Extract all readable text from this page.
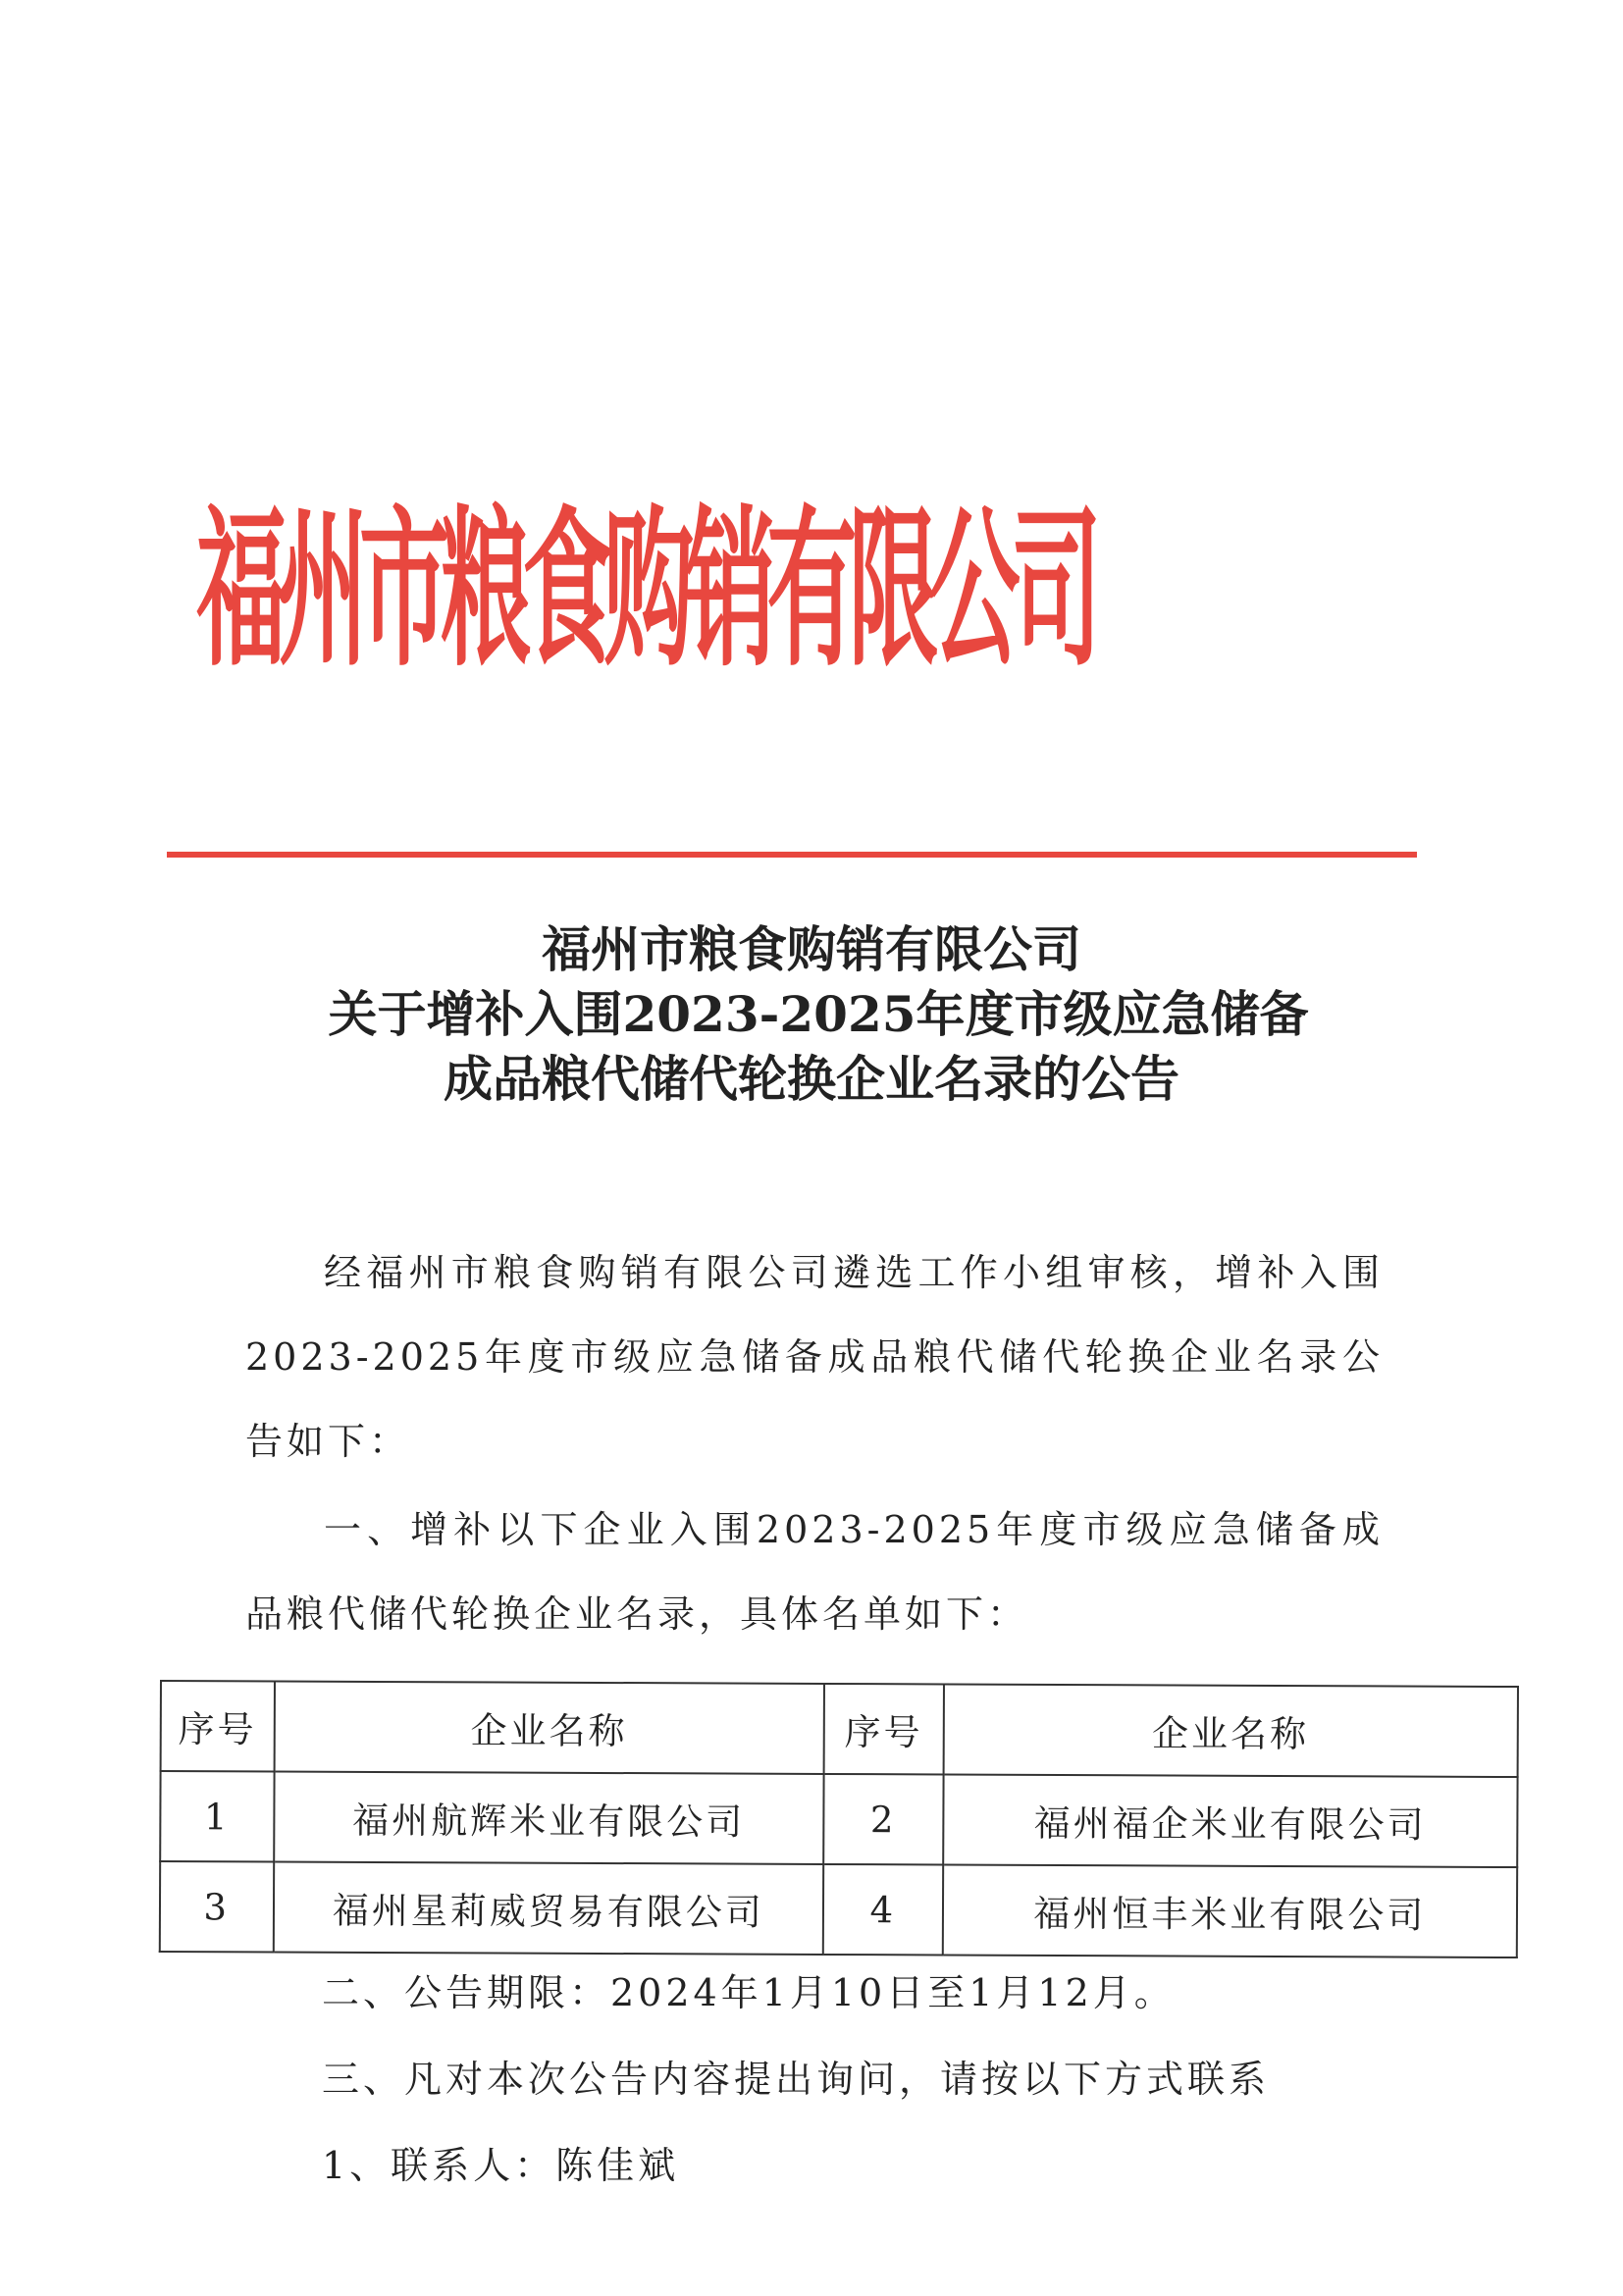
福州市粮食购销有限公司
福州市粮食购销有限公司
关于增补入围2023-2025年度市级应急储备
成品粮代储代轮换企业名录的公告
经福州市粮食购销有限公司遴选工作小组审核，增补入围2023-2025年度市级应急储备成品粮代储代轮换企业名录公告如下：
一、增补以下企业入围2023-2025年度市级应急储备成品粮代储代轮换企业名录，具体名单如下：
序号	企业名称	序号	企业名称
1	福州航辉米业有限公司	2	福州福企米业有限公司
3	福州星莉威贸易有限公司	4	福州恒丰米业有限公司
二、公告期限：2024年1月10日至1月12月。
三、凡对本次公告内容提出询问，请按以下方式联系
1、联系人：陈佳斌
